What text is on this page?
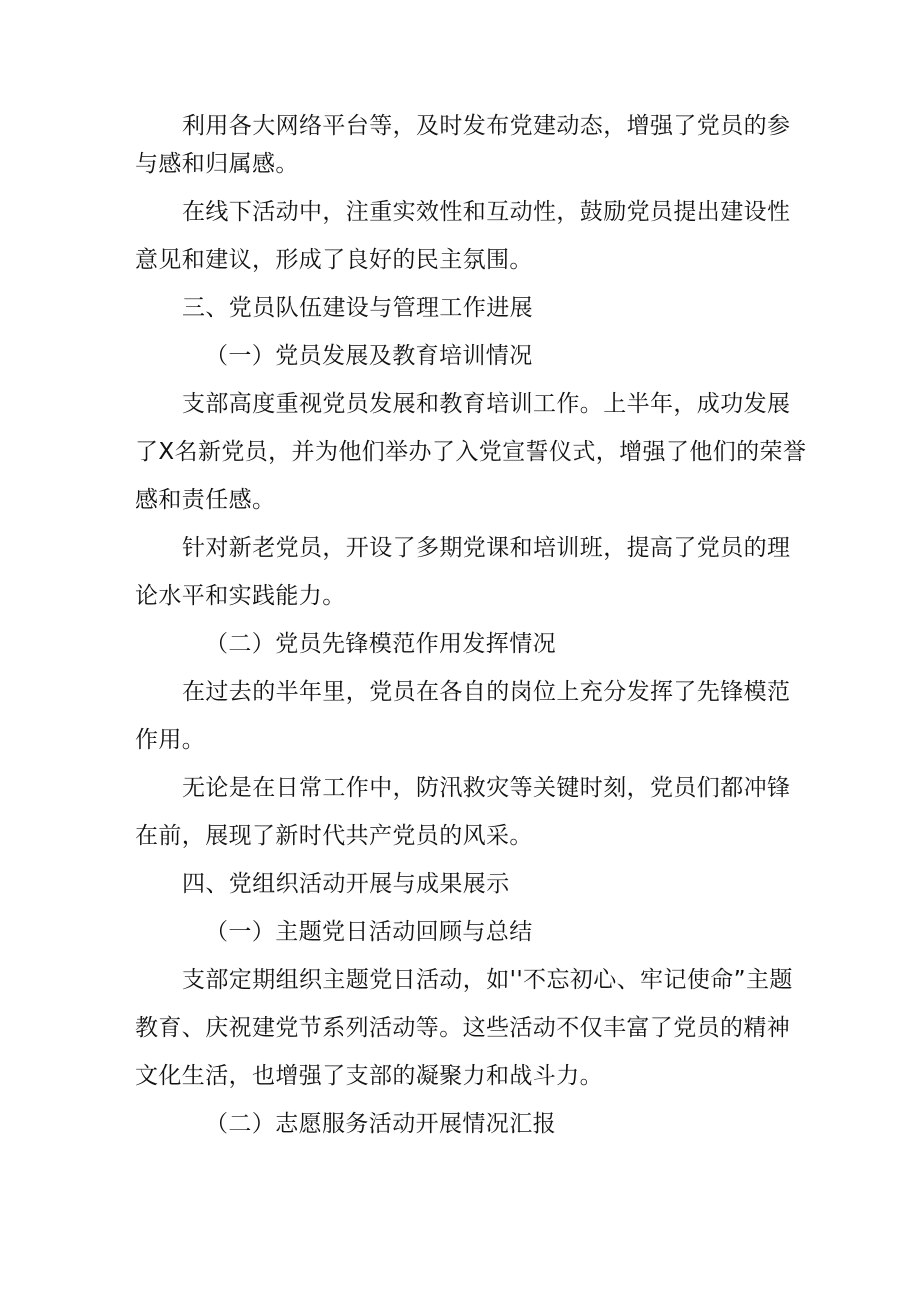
利用各大网络平台等，及时发布党建动态，增强了党员的参
与感和归属感。
在线下活动中，注重实效性和互动性，鼓励党员提出建设性
意见和建议，形成了良好的民主氛围。
三、党员队伍建设与管理工作进展
（一）党员发展及教育培训情况
支部高度重视党员发展和教育培训工作。上半年，成功发展
了X名新党员，并为他们举办了入党宣誓仪式，增强了他们的荣誉
感和责任感。
针对新老党员，开设了多期党课和培训班，提高了党员的理
论水平和实践能力。
（二）党员先锋模范作用发挥情况
在过去的半年里，党员在各自的岗位上充分发挥了先锋模范
作用。
无论是在日常工作中，防汛救灾等关键时刻，党员们都冲锋
在前，展现了新时代共产党员的风采。
四、党组织活动开展与成果展示
（一）主题党日活动回顾与总结
支部定期组织主题党日活动，如''不忘初心、牢记使命”主题
教育、庆祝建党节系列活动等。这些活动不仅丰富了党员的精神
文化生活，也增强了支部的凝聚力和战斗力。
（二）志愿服务活动开展情况汇报
